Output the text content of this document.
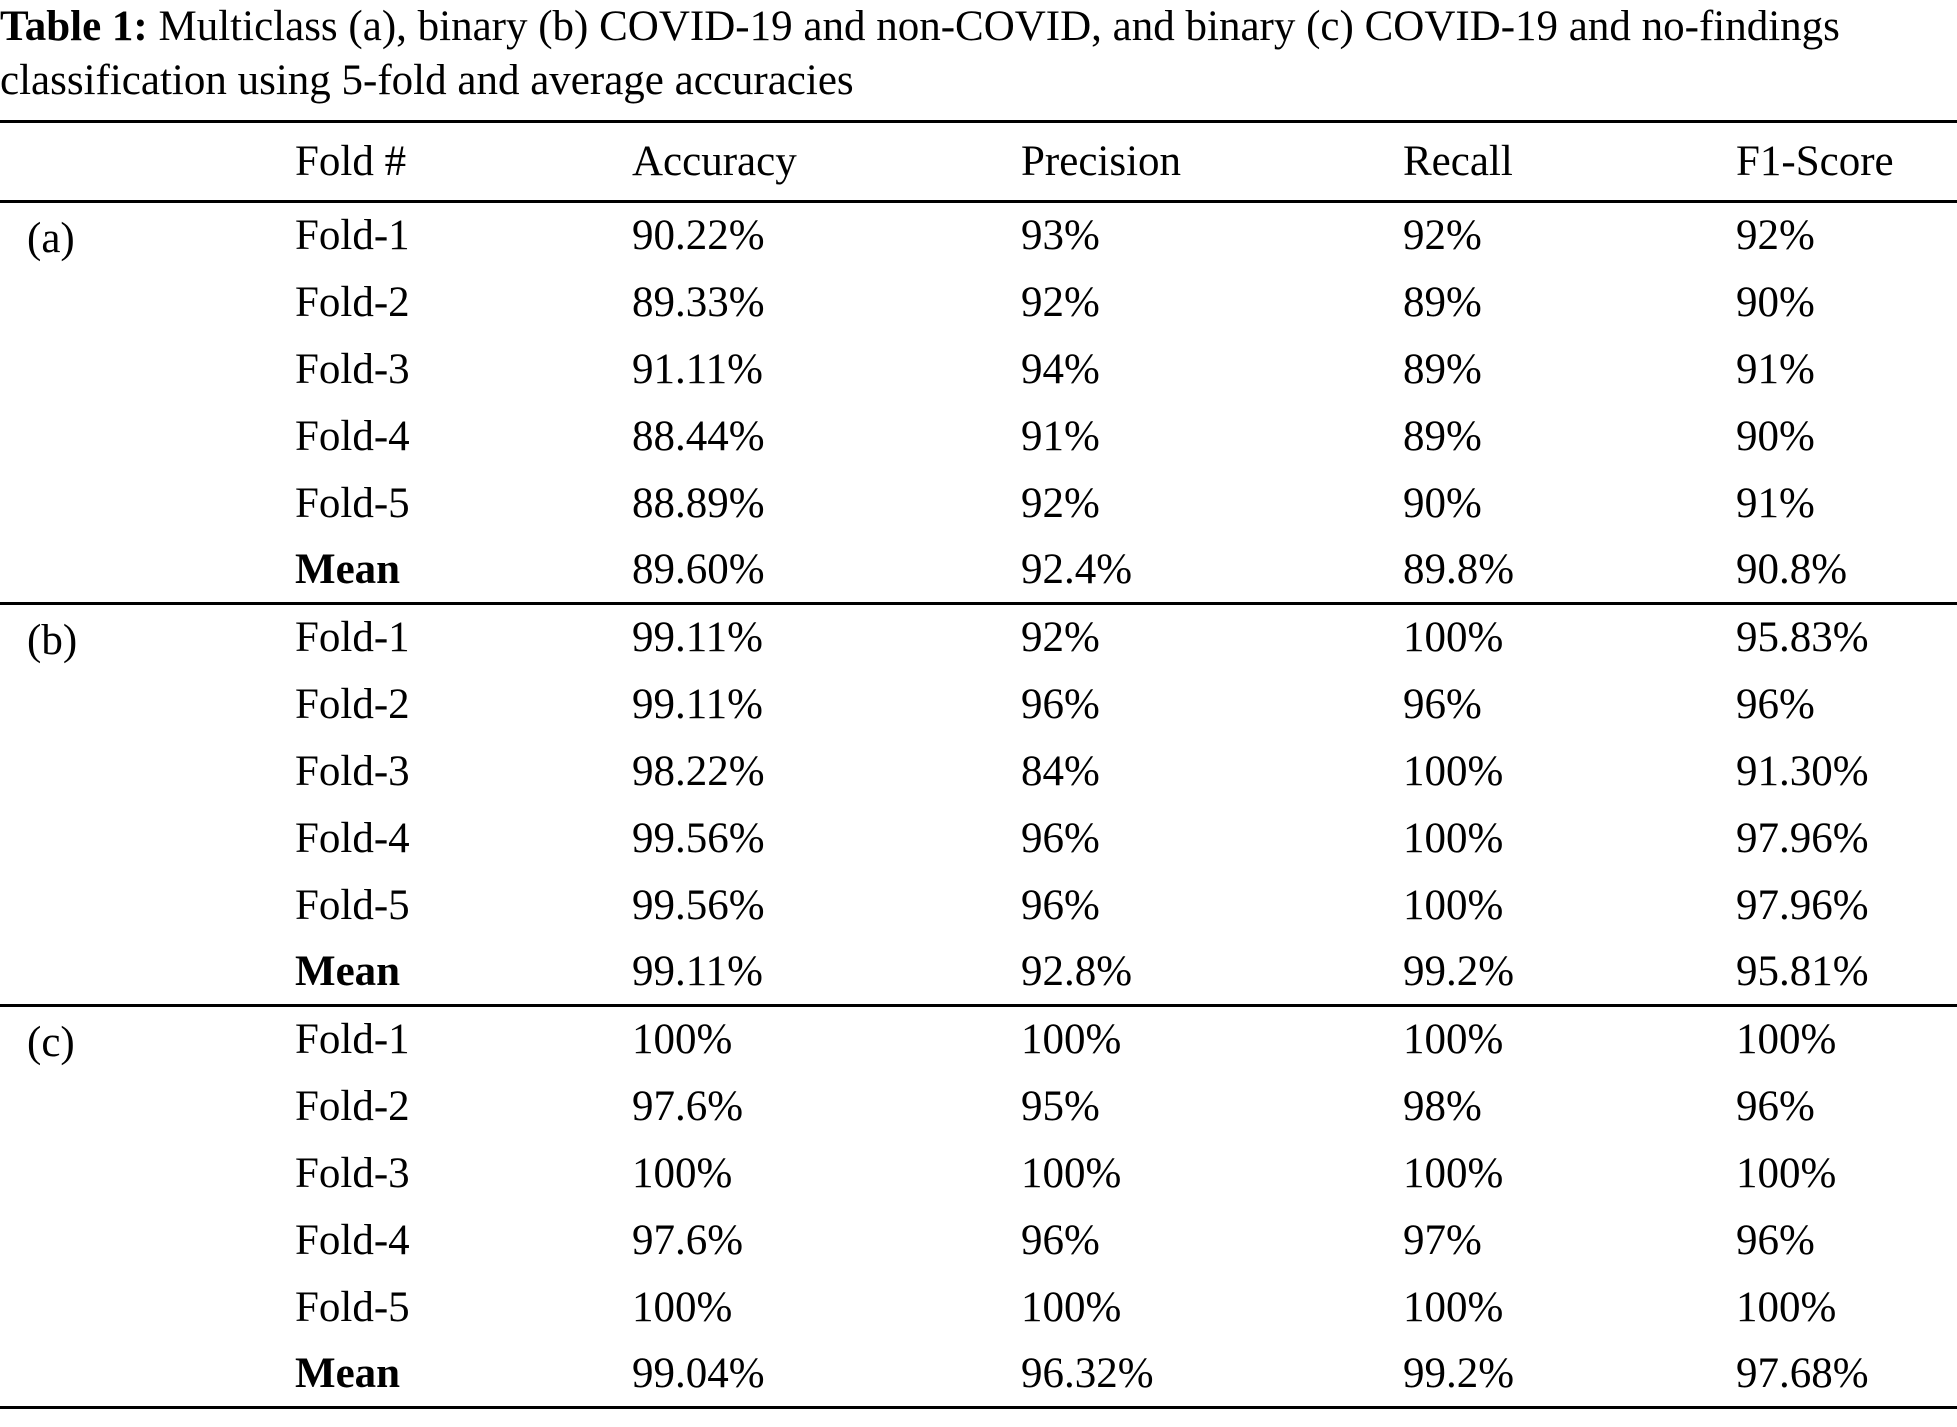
Table 1: Multiclass (a), binary (b) COVID-19 and non-COVID, and binary (c) COVID-19 and no-findings
classification using 5-fold and average accuracies
	Fold #	Accuracy	Precision	Recall	F1-Score
(a)	Fold-1	90.22%	93%	92%	92%
	Fold-2	89.33%	92%	89%	90%
	Fold-3	91.11%	94%	89%	91%
	Fold-4	88.44%	91%	89%	90%
	Fold-5	88.89%	92%	90%	91%
	Mean	89.60%	92.4%	89.8%	90.8%
(b)	Fold-1	99.11%	92%	100%	95.83%
	Fold-2	99.11%	96%	96%	96%
	Fold-3	98.22%	84%	100%	91.30%
	Fold-4	99.56%	96%	100%	97.96%
	Fold-5	99.56%	96%	100%	97.96%
	Mean	99.11%	92.8%	99.2%	95.81%
(c)	Fold-1	100%	100%	100%	100%
	Fold-2	97.6%	95%	98%	96%
	Fold-3	100%	100%	100%	100%
	Fold-4	97.6%	96%	97%	96%
	Fold-5	100%	100%	100%	100%
	Mean	99.04%	96.32%	99.2%	97.68%
